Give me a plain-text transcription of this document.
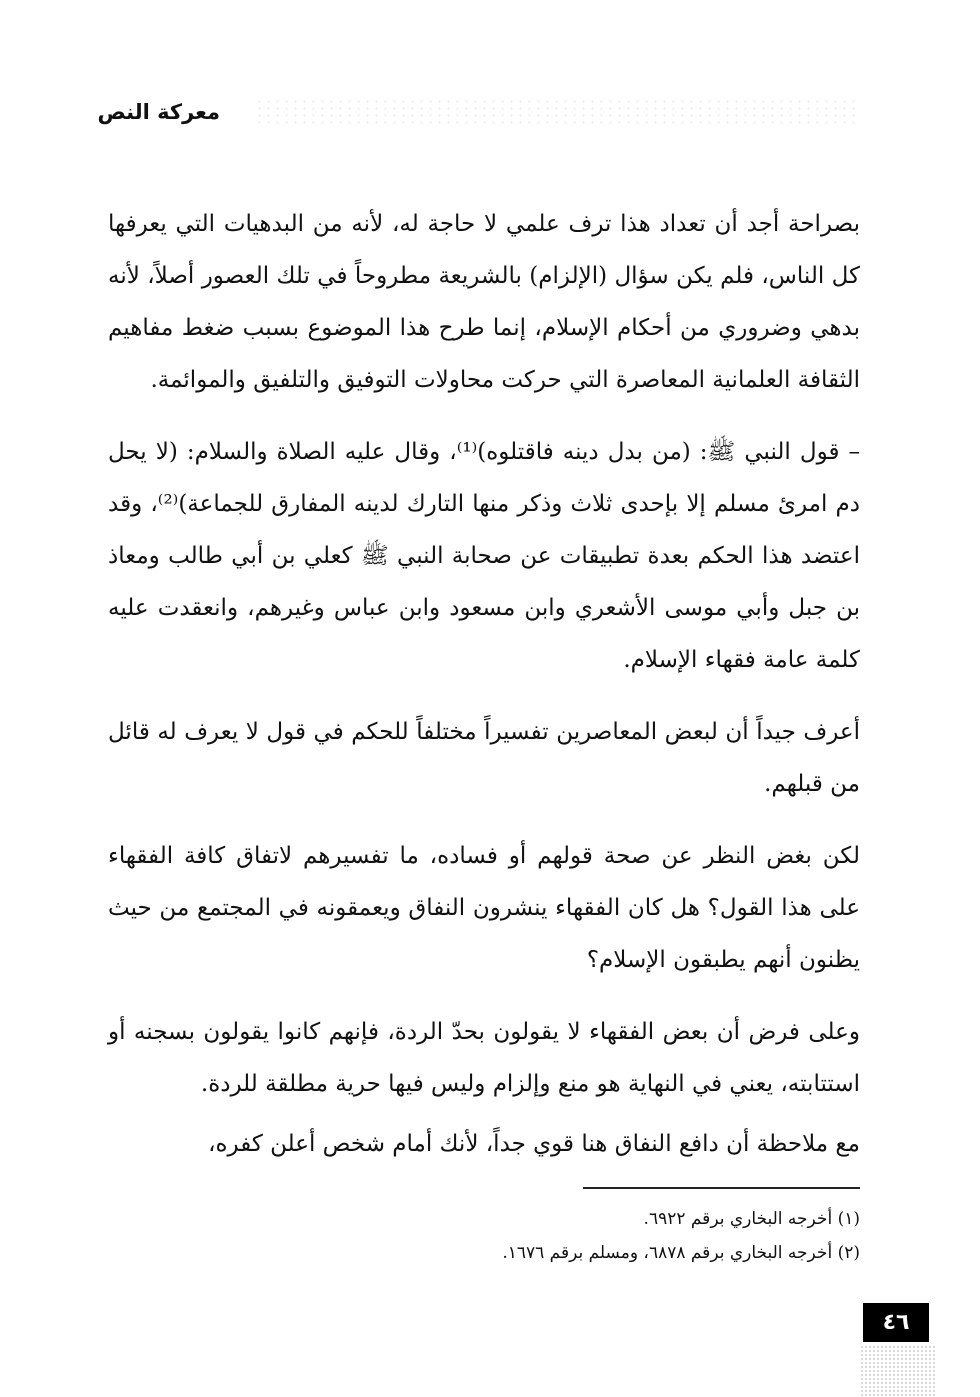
معركة النص

بصراحة أجد أن تعداد هذا ترف علمي لا حاجة له، لأنه من البدهيات التي يعرفها كل الناس، فلم يكن سؤال (الإلزام) بالشريعة مطروحاً في تلك العصور أصلاً، لأنه بدهي وضروري من أحكام الإسلام، إنما طرح هذا الموضوع بسبب ضغط مفاهيم الثقافة العلمانية المعاصرة التي حركت محاولات التوفيق والتلفيق والموائمة.

– قول النبي ﷺ: (من بدل دينه فاقتلوه)⁽¹⁾، وقال عليه الصلاة والسلام: (لا يحل دم امرئ مسلم إلا بإحدى ثلاث وذكر منها التارك لدينه المفارق للجماعة)⁽²⁾، وقد اعتضد هذا الحكم بعدة تطبيقات عن صحابة النبي ﷺ كعلي بن أبي طالب ومعاذ بن جبل وأبي موسى الأشعري وابن مسعود وابن عباس وغيرهم، وانعقدت عليه كلمة عامة فقهاء الإسلام.

أعرف جيداً أن لبعض المعاصرين تفسيراً مختلفاً للحكم في قول لا يعرف له قائل من قبلهم.

لكن بغض النظر عن صحة قولهم أو فساده، ما تفسيرهم لاتفاق كافة الفقهاء على هذا القول؟ هل كان الفقهاء ينشرون النفاق ويعمقونه في المجتمع من حيث يظنون أنهم يطبقون الإسلام؟

وعلى فرض أن بعض الفقهاء لا يقولون بحدّ الردة، فإنهم كانوا يقولون بسجنه أو استتابته، يعني في النهاية هو منع وإلزام وليس فيها حرية مطلقة للردة.

مع ملاحظة أن دافع النفاق هنا قوي جداً، لأنك أمام شخص أعلن كفره،

(١) أخرجه البخاري برقم ٦٩٢٢.

(٢) أخرجه البخاري برقم ٦٨٧٨، ومسلم برقم ١٦٧٦.

٤٦
